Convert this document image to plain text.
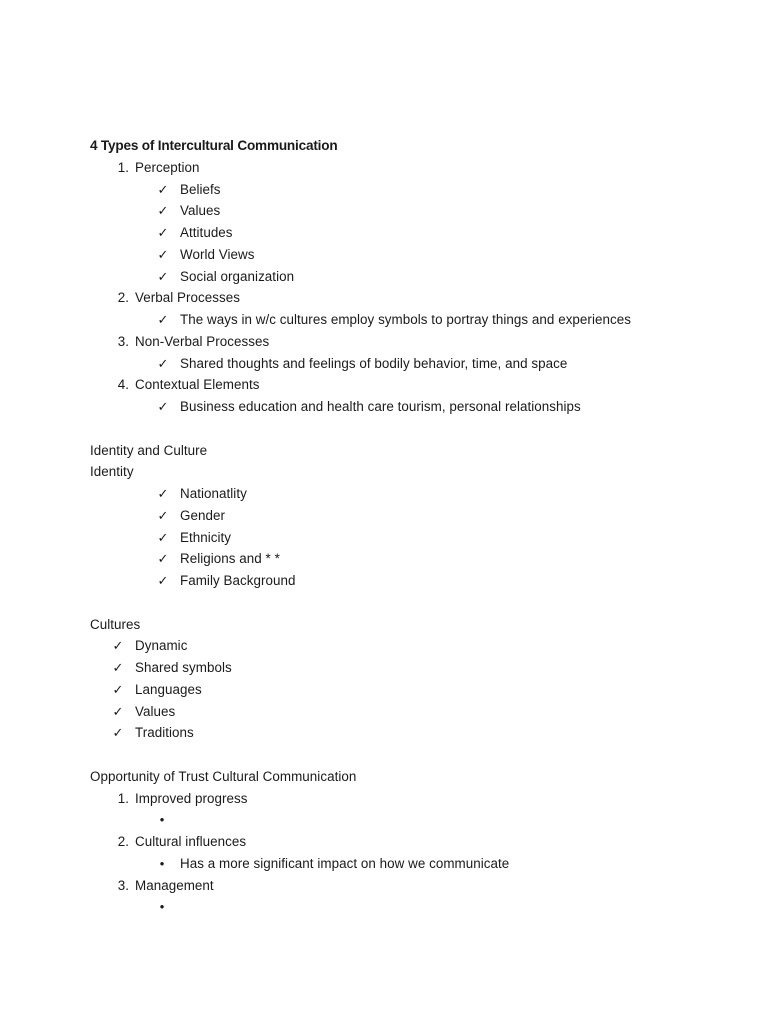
4 Types of Intercultural Communication
1. Perception
✓ Beliefs
✓ Values
✓ Attitudes
✓ World Views
✓ Social organization
2. Verbal Processes
✓ The ways in w/c cultures employ symbols to portray things and experiences
3. Non-Verbal Processes
✓ Shared thoughts and feelings of bodily behavior, time, and space
4. Contextual Elements
✓ Business education and health care tourism, personal relationships
Identity and Culture
Identity
✓ Nationatlity
✓ Gender
✓ Ethnicity
✓ Religions and * *
✓ Family Background
Cultures
✓ Dynamic
✓ Shared symbols
✓ Languages
✓ Values
✓ Traditions
Opportunity of Trust Cultural Communication
1. Improved progress
•
2. Cultural influences
• Has a more significant impact on how we communicate
3. Management
•
